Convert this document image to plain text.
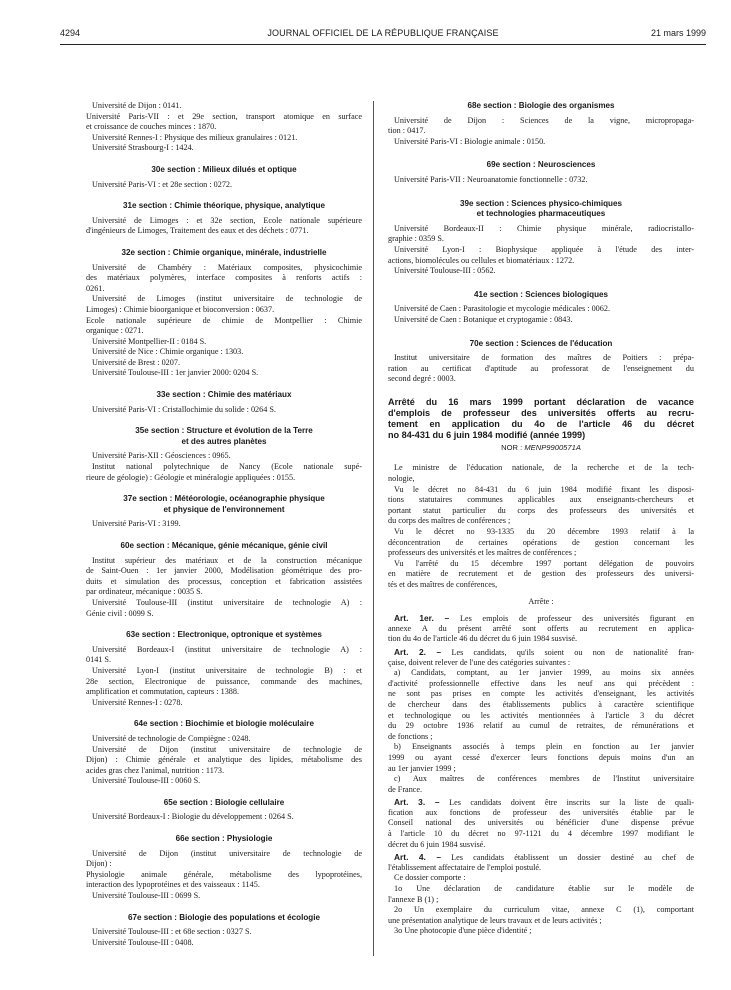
4294	JOURNAL OFFICIEL DE LA RÉPUBLIQUE FRANÇAISE	21 mars 1999
Université de Dijon : 0141.
Université Paris-VII : et 29e section, transport atomique en surface
et croissance de couches minces : 1870.
Université Rennes-I : Physique des milieux granulaires : 0121.
Université Strasbourg-I : 1424.
30e section : Milieux dilués et optique
Université Paris-VI : et 28e section : 0272.
31e section : Chimie théorique, physique, analytique
Université de Limoges : et 32e section, Ecole nationale supérieure
d'ingénieurs de Limoges, Traitement des eaux et des déchets : 0771.
32e section : Chimie organique, minérale, industrielle
Université de Chambéry : Matériaux composites, physicochimie
des matériaux polymères, interface composites à renforts actifs :
0261.
Université de Limoges (institut universitaire de technologie de
Limoges) : Chimie bioorganique et bioconversion : 0637.
Ecole nationale supérieure de chimie de Montpellier : Chimie
organique : 0271.
Université Montpellier-II : 0184 S.
Université de Nice : Chimie organique : 1303.
Université de Brest : 0207.
Université Toulouse-III : 1er janvier 2000: 0204 S.
33e section : Chimie des matériaux
Université Paris-VI : Cristallochimie du solide : 0264 S.
35e section : Structure et évolution de la Terre
et des autres planètes
Université Paris-XII : Géosciences : 0965.
Institut national polytechnique de Nancy (Ecole nationale supé-
rieure de géologie) : Géologie et minéralogie appliquées : 0155.
37e section : Météorologie, océanographie physique
et physique de l'environnement
Université Paris-VI : 3199.
60e section : Mécanique, génie mécanique, génie civil
Institut supérieur des matériaux et de la construction mécanique
de Saint-Ouen : 1er janvier 2000, Modélisation géométrique des pro-
duits et simulation des processus, conception et fabrication assistées
par ordinateur, mécanique : 0035 S.
Université Toulouse-III (institut universitaire de technologie A) :
Génie civil : 0099 S.
63e section : Electronique, optronique et systèmes
Université Bordeaux-I (institut universitaire de technologie A) :
0141 S.
Université Lyon-I (institut universitaire de technologie B) : et
28e section, Electronique de puissance, commande des machines,
amplification et commutation, capteurs : 1388.
Université Rennes-I : 0278.
64e section : Biochimie et biologie moléculaire
Université de technologie de Compiègne : 0248.
Université de Dijon (institut universitaire de technologie de
Dijon) : Chimie générale et analytique des lipides, métabolisme des
acides gras chez l'animal, nutrition : 1173.
Université Toulouse-III : 0060 S.
65e section : Biologie cellulaire
Université Bordeaux-I : Biologie du développement : 0264 S.
66e section : Physiologie
Université de Dijon (institut universitaire de technologie de
Dijon) :
Physiologie animale générale, métabolisme des lypoprotéines,
interaction des lypoprotéines et des vaisseaux : 1145.
Université Toulouse-III : 0699 S.
67e section : Biologie des populations et écologie
Université Toulouse-III : et 68e section : 0327 S.
Université Toulouse-III : 0408.
68e section : Biologie des organismes
Université de Dijon : Sciences de la vigne, micropropaga-
tion : 0417.
Université Paris-VI : Biologie animale : 0150.
69e section : Neurosciences
Université Paris-VII : Neuroanatomie fonctionnelle : 0732.
39e section : Sciences physico-chimiques
et technologies pharmaceutiques
Université Bordeaux-II : Chimie physique minérale, radiocristallo-
graphie : 0359 S.
Université Lyon-I : Biophysique appliquée à l'étude des inter-
actions, biomolécules ou cellules et biomatériaux : 1272.
Université Toulouse-III : 0562.
41e section : Sciences biologiques
Université de Caen : Parasitologie et mycologie médicales : 0062.
Université de Caen : Botanique et cryptogamie : 0843.
70e section : Sciences de l'éducation
Institut universitaire de formation des maîtres de Poitiers : prépa-
ration au certificat d'aptitude au professorat de l'enseignement du
second degré : 0003.
Arrêté du 16 mars 1999 portant déclaration de vacance
d'emplois de professeur des universités offerts au recru-
tement en application du 4o de l'article 46 du décret
no 84-431 du 6 juin 1984 modifié (année 1999)
NOR : MENP9900571A
Le ministre de l'éducation nationale, de la recherche et de la tech-
nologie,
Vu le décret no 84-431 du 6 juin 1984 modifié fixant les disposi-
tions statutaires communes applicables aux enseignants-chercheurs et
portant statut particulier du corps des professeurs des universités et
du corps des maîtres de conférences ;
Vu le décret no 93-1335 du 20 décembre 1993 relatif à la
déconcentration de certaines opérations de gestion concernant les
professeurs des universités et les maîtres de conférences ;
Vu l'arrêté du 15 décembre 1997 portant délégation de pouvoirs
en matière de recrutement et de gestion des professeurs des universi-
tés et des maîtres de conférences,
Arrête :
Art. 1er. – Les emplois de professeur des universités figurant en
annexe A du présent arrêté sont offerts au recrutement en applica-
tion du 4o de l'article 46 du décret du 6 juin 1984 susvisé.
Art. 2. – Les candidats, qu'ils soient ou non de nationalité fran-
çaise, doivent relever de l'une des catégories suivantes :
a) Candidats, comptant, au 1er janvier 1999, au moins six années
d'activité professionnelle effective dans les neuf ans qui précèdent :
ne sont pas prises en compte les activités d'enseignant, les activités
de chercheur dans des établissements publics à caractère scientifique
et technologique ou les activités mentionnées à l'article 3 du décret
du 29 octobre 1936 relatif au cumul de retraites, de rémunérations et
de fonctions ;
b) Enseignants associés à temps plein en fonction au 1er janvier
1999 ou ayant cessé d'exercer leurs fonctions depuis moins d'un an
au 1er janvier 1999 ;
c) Aux maîtres de conférences membres de l'Institut universitaire
de France.
Art. 3. – Les candidats doivent être inscrits sur la liste de quali-
fication aux fonctions de professeur des universités établie par le
Conseil national des universités ou bénéficier d'une dispense prévue
à l'article 10 du décret no 97-1121 du 4 décembre 1997 modifiant le
décret du 6 juin 1984 susvisé.
Art. 4. – Les candidats établissent un dossier destiné au chef de
l'établissement affectataire de l'emploi postulé.
Ce dossier comporte :
1o Une déclaration de candidature établie sur le modèle de
l'annexe B (1) ;
2o Un exemplaire du curriculum vitae, annexe C (1), comportant
une présentation analytique de leurs travaux et de leurs activités ;
3o Une photocopie d'une pièce d'identité ;
